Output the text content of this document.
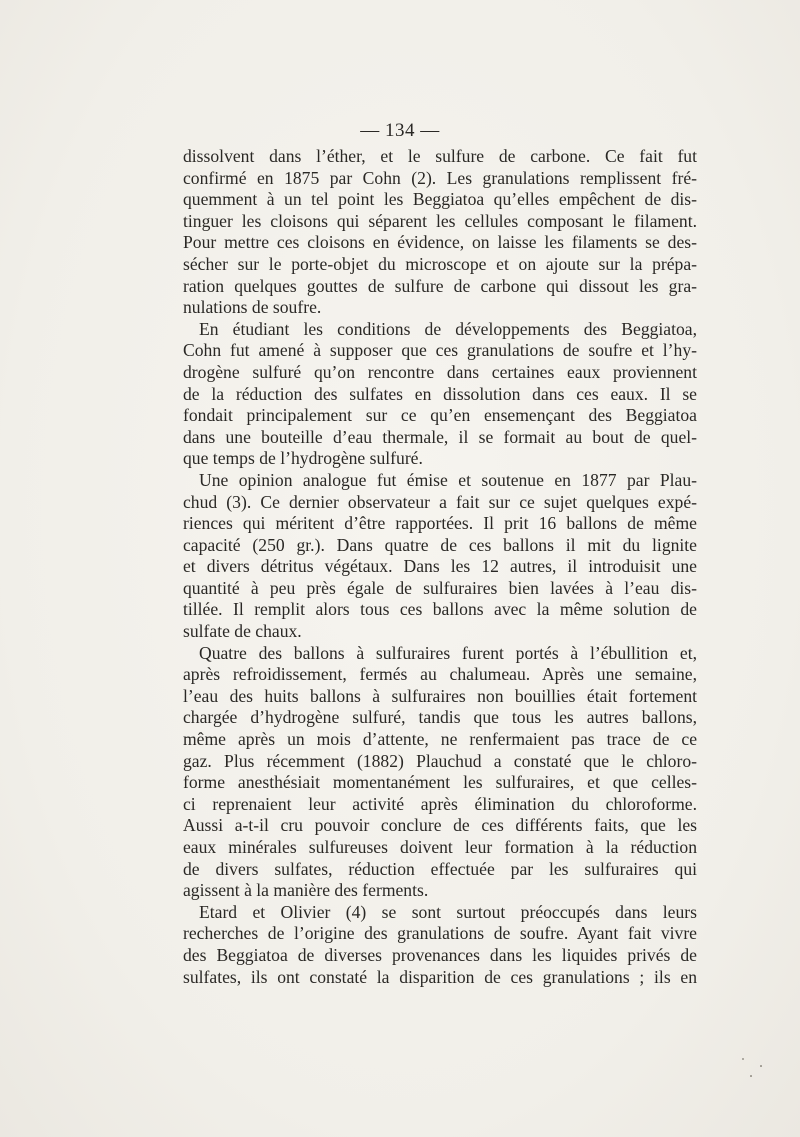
— 134 —
dissolvent dans l’éther, et le sulfure de carbone. Ce fait fut
confirmé en 1875 par Cohn (2). Les granulations remplissent fré-
quemment à un tel point les Beggiatoa qu’elles empêchent de dis-
tinguer les cloisons qui séparent les cellules composant le filament.
Pour mettre ces cloisons en évidence, on laisse les filaments se des-
sécher sur le porte-objet du microscope et on ajoute sur la prépa-
ration quelques gouttes de sulfure de carbone qui dissout les gra-
nulations de soufre.
En étudiant les conditions de développements des Beggiatoa,
Cohn fut amené à supposer que ces granulations de soufre et l’hy-
drogène sulfuré qu’on rencontre dans certaines eaux proviennent
de la réduction des sulfates en dissolution dans ces eaux. Il se
fondait principalement sur ce qu’en ensemençant des Beggiatoa
dans une bouteille d’eau thermale, il se formait au bout de quel-
que temps de l’hydrogène sulfuré.
Une opinion analogue fut émise et soutenue en 1877 par Plau-
chud (3). Ce dernier observateur a fait sur ce sujet quelques expé-
riences qui méritent d’être rapportées. Il prit 16 ballons de même
capacité (250 gr.). Dans quatre de ces ballons il mit du lignite
et divers détritus végétaux. Dans les 12 autres, il introduisit une
quantité à peu près égale de sulfuraires bien lavées à l’eau dis-
tillée. Il remplit alors tous ces ballons avec la même solution de
sulfate de chaux.
Quatre des ballons à sulfuraires furent portés à l’ébullition et,
après refroidissement, fermés au chalumeau. Après une semaine,
l’eau des huits ballons à sulfuraires non bouillies était fortement
chargée d’hydrogène sulfuré, tandis que tous les autres ballons,
même après un mois d’attente, ne renfermaient pas trace de ce
gaz. Plus récemment (1882) Plauchud a constaté que le chloro-
forme anesthésiait momentanément les sulfuraires, et que celles-
ci reprenaient leur activité après élimination du chloroforme.
Aussi a-t-il cru pouvoir conclure de ces différents faits, que les
eaux minérales sulfureuses doivent leur formation à la réduction
de divers sulfates, réduction effectuée par les sulfuraires qui
agissent à la manière des ferments.
Etard et Olivier (4) se sont surtout préoccupés dans leurs
recherches de l’origine des granulations de soufre. Ayant fait vivre
des Beggiatoa de diverses provenances dans les liquides privés de
sulfates, ils ont constaté la disparition de ces granulations ; ils en
